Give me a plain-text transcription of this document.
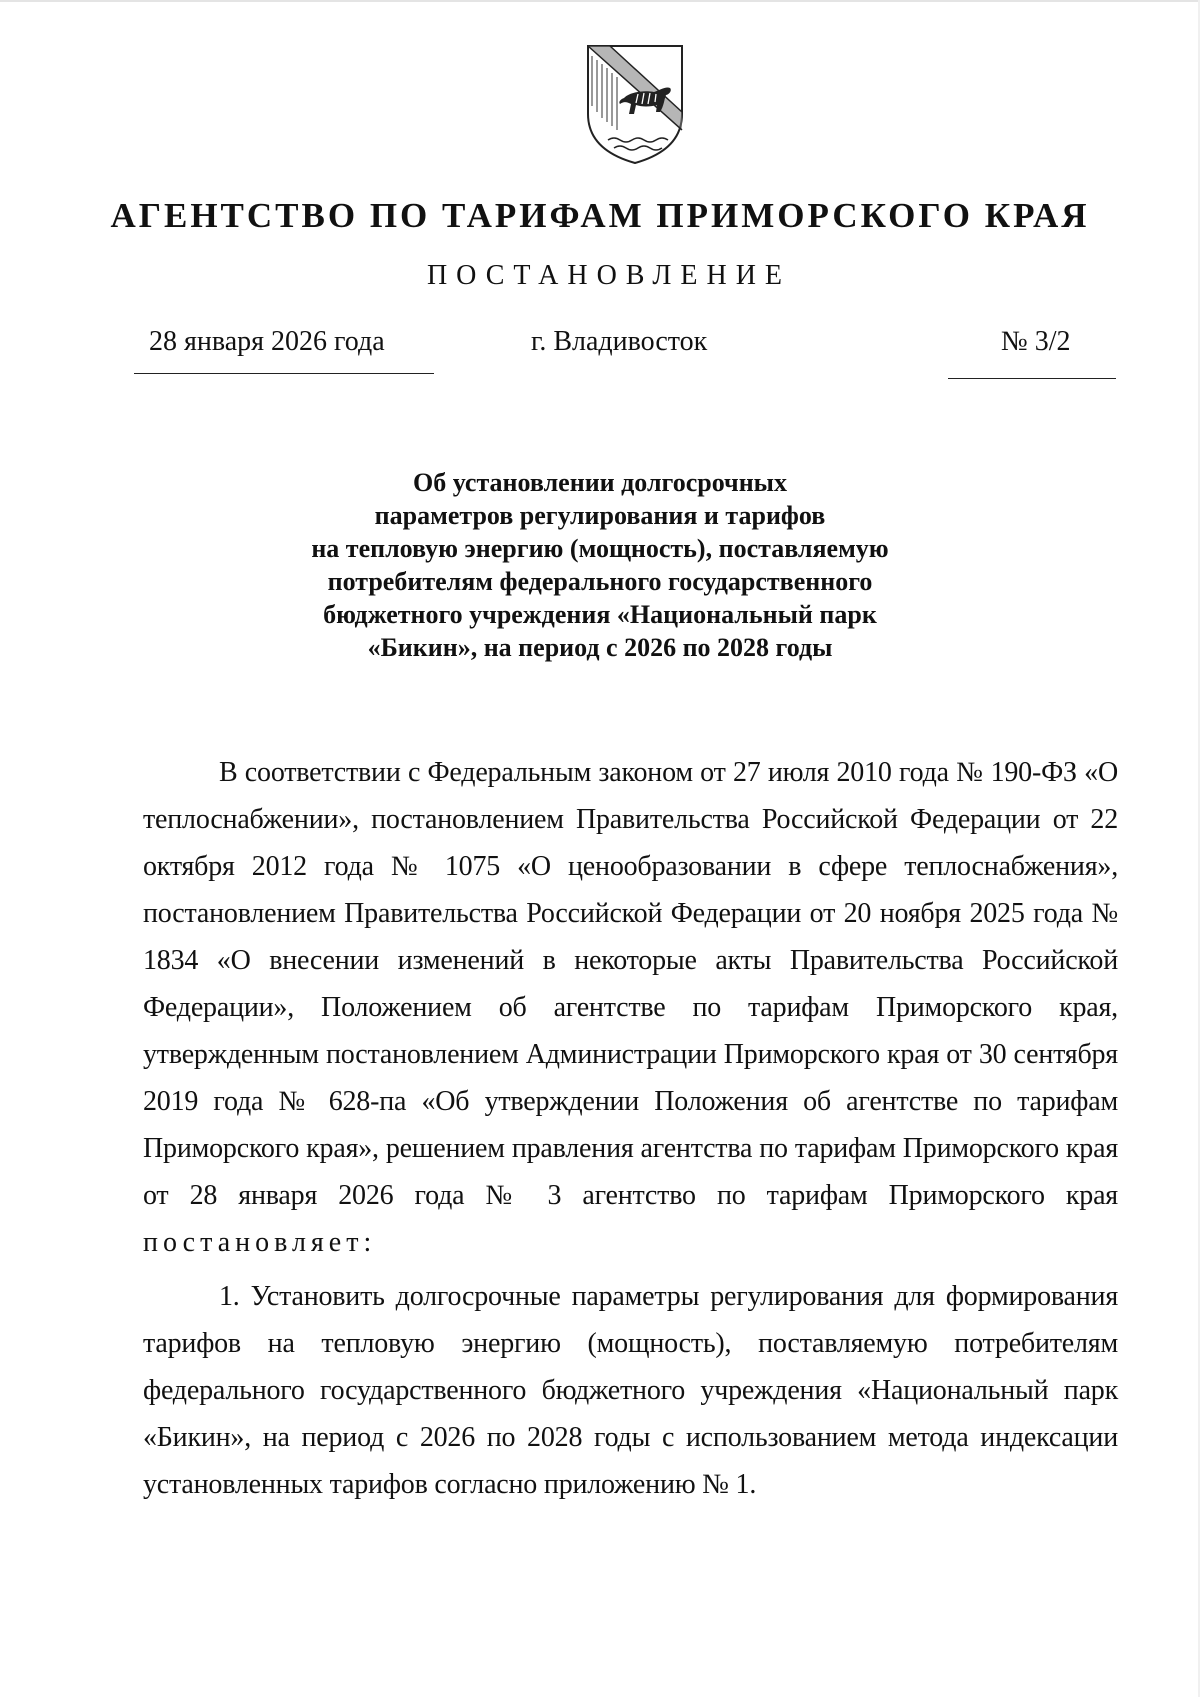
АГЕНТСТВО ПО ТАРИФАМ ПРИМОРСКОГО КРАЯ
ПОСТАНОВЛЕНИЕ
28 января 2026 года	г. Владивосток	№ 3/2
Об установлении долгосрочных
параметров регулирования и тарифов
на тепловую энергию (мощность), поставляемую
потребителям федерального государственного
бюджетного учреждения «Национальный парк
«Бикин», на период с 2026 по 2028 годы
В соответствии с Федеральным законом от 27 июля 2010 года № 190-ФЗ «О теплоснабжении», постановлением Правительства Российской Федерации от 22 октября 2012 года № 1075 «О ценообразовании в сфере теплоснабжения», постановлением Правительства Российской Федерации от 20 ноября 2025 года № 1834 «О внесении изменений в некоторые акты Правительства Российской Федерации», Положением об агентстве по тарифам Приморского края, утвержденным постановлением Администрации Приморского края от 30 сентября 2019 года № 628-па «Об утверждении Положения об агентстве по тарифам Приморского края», решением правления агентства по тарифам Приморского края от 28 января 2026 года № 3 агентство по тарифам Приморского края постановляет:
1. Установить долгосрочные параметры регулирования для формирования тарифов на тепловую энергию (мощность), поставляемую потребителям федерального государственного бюджетного учреждения «Национальный парк «Бикин», на период с 2026 по 2028 годы с использованием метода индексации установленных тарифов согласно приложению № 1.
